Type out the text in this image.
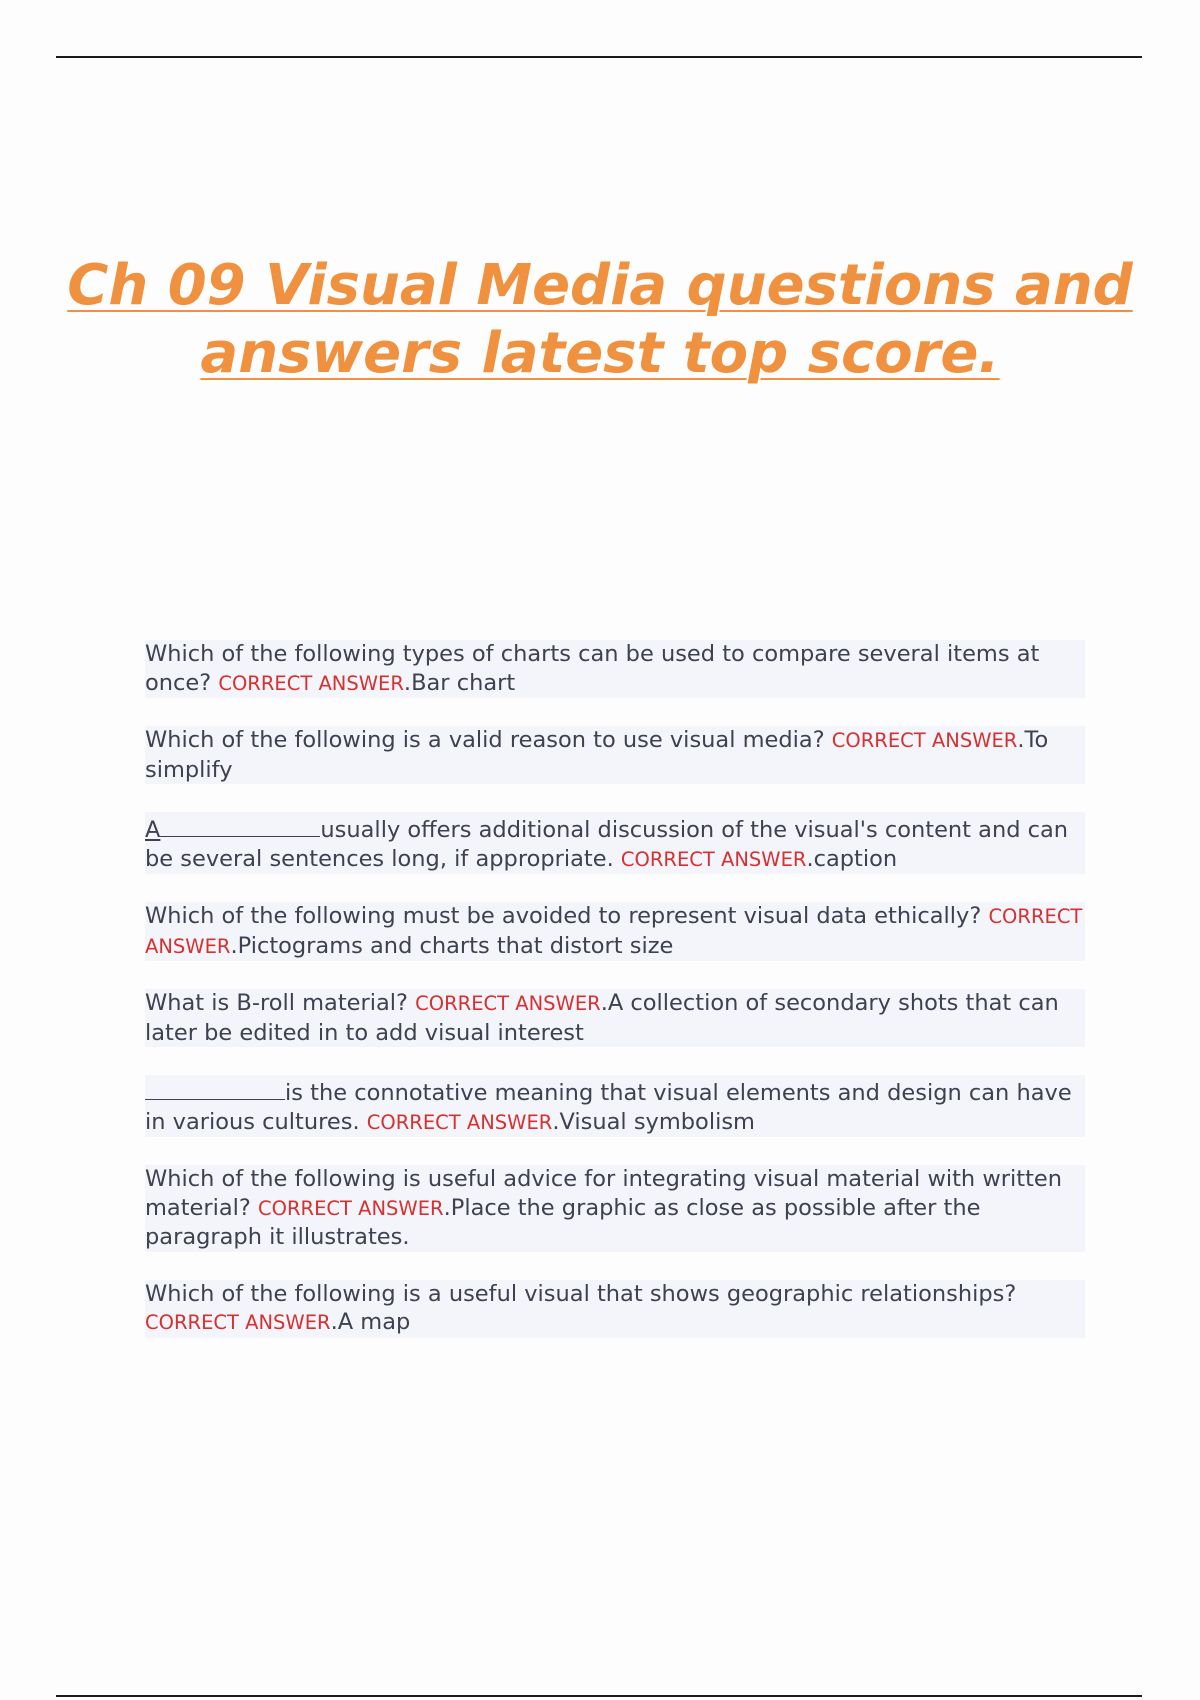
Ch 09 Visual Media questions and answers latest top score.

Which of the following types of charts can be used to compare several items at once? CORRECT ANSWER.Bar chart

Which of the following is a valid reason to use visual media? CORRECT ANSWER.To simplify

A	usually offers additional discussion of the visual's content and can be several sentences long, if appropriate. CORRECT ANSWER.caption

Which of the following must be avoided to represent visual data ethically? CORRECT ANSWER.Pictograms and charts that distort size

What is B-roll material? CORRECT ANSWER.A collection of secondary shots that can later be edited in to add visual interest

is the connotative meaning that visual elements and design can have in various cultures. CORRECT ANSWER.Visual symbolism

Which of the following is useful advice for integrating visual material with written material? CORRECT ANSWER.Place the graphic as close as possible after the paragraph it illustrates.

Which of the following is a useful visual that shows geographic relationships? CORRECT ANSWER.A map
